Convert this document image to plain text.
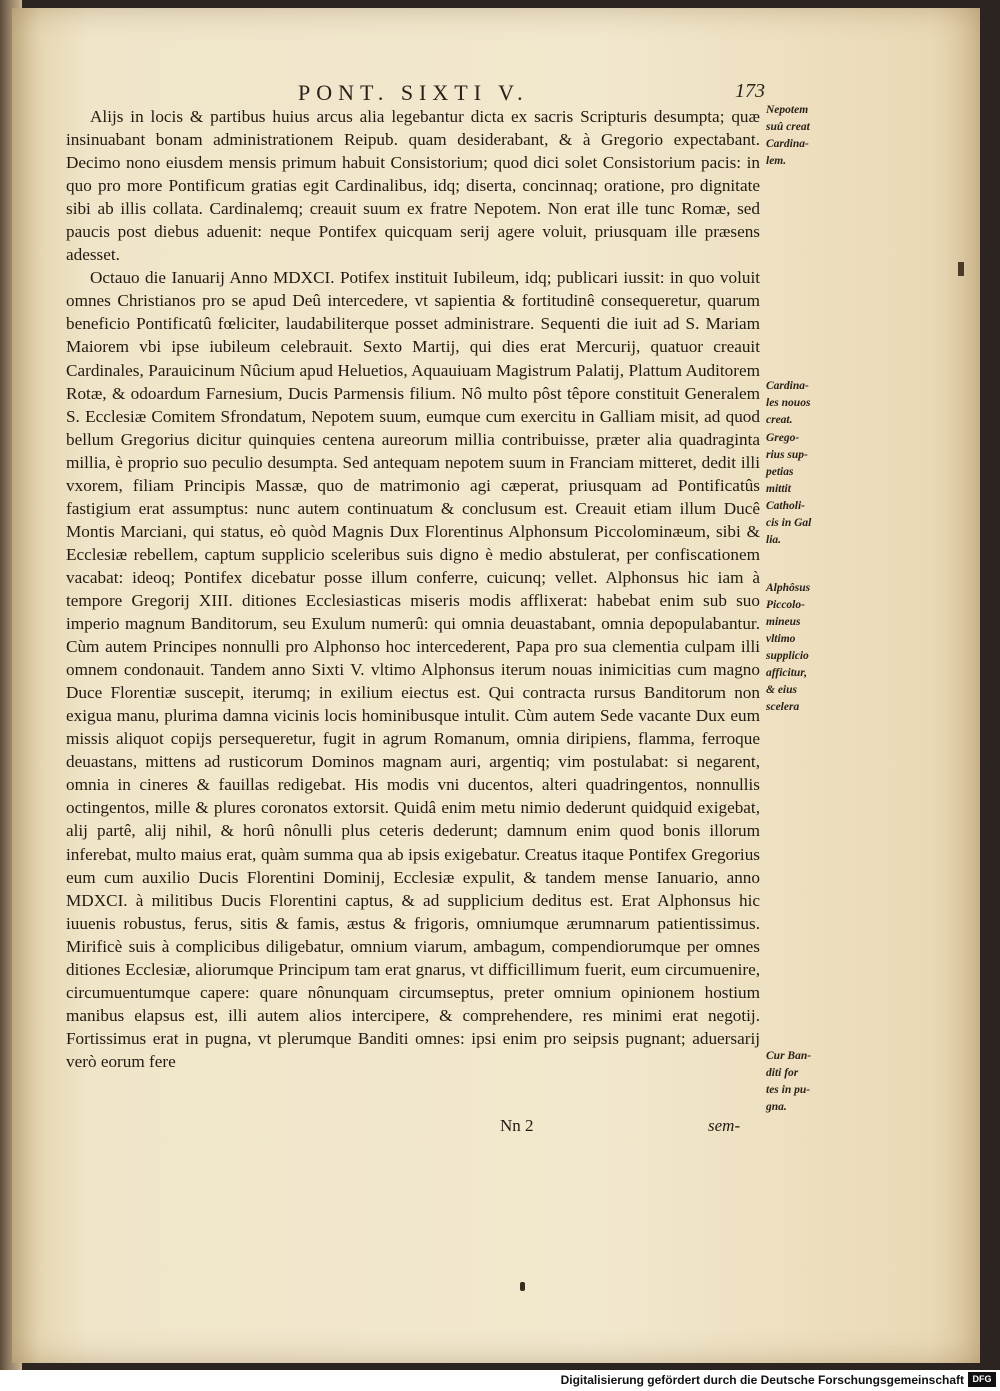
PONT. SIXTI V.	173

Alijs in locis & partibus huius arcus alia legebantur dicta ex sacris Scripturis desumpta; quæ insinuabant bonam administrationem Reipub. quam desiderabant, & à Gregorio expectabant. Decimo nono eiusdem mensis primum habuit Consistorium; quod dici solet Consistorium pacis: in quo pro more Pontificum gratias egit Cardinalibus, idq; diserta, concinnaq; oratione, pro dignitate sibi ab illis collata. Cardinalemq; creauit suum ex fratre Nepotem. Non erat ille tunc Romæ, sed paucis post diebus aduenit: neque Pontifex quicquam serij agere voluit, priusquam ille præsens adesset.

Octauo die Ianuarij Anno MDXCI. Potifex instituit Iubileum, idq; publicari iussit: in quo voluit omnes Christianos pro se apud Deû intercedere, vt sapientia & fortitudinê consequeretur, quarum beneficio Pontificatû fœliciter, laudabiliterque posset administrare. Sequenti die iuit ad S. Mariam Maiorem vbi ipse iubileum celebrauit. Sexto Martij, qui dies erat Mercurij, quatuor creauit Cardinales, Parauicinum Nûcium apud Heluetios, Aquauiuam Magistrum Palatij, Plattum Auditorem Rotæ, & odoardum Farnesium, Ducis Parmensis filium. Nô multo pôst têpore constituit Generalem S. Ecclesiæ Comitem Sfrondatum, Nepotem suum, eumque cum exercitu in Galliam misit, ad quod bellum Gregorius dicitur quinquies centena aureorum millia contribuisse, præter alia quadraginta millia, è proprio suo peculio desumpta. Sed antequam nepotem suum in Franciam mitteret, dedit illi vxorem, filiam Principis Massæ, quo de matrimonio agi cæperat, priusquam ad Pontificatûs fastigium erat assumptus: nunc autem continuatum & conclusum est. Creauit etiam illum Ducê Montis Marciani, qui status, eò quòd Magnis Dux Florentinus Alphonsum Piccolominæum, sibi & Ecclesiæ rebellem, captum supplicio sceleribus suis digno è medio abstulerat, per confiscationem vacabat: ideoq; Pontifex dicebatur posse illum conferre, cuicunq; vellet. Alphonsus hic iam à tempore Gregorij XIII. ditiones Ecclesiasticas miseris modis afflixerat: habebat enim sub suo imperio magnum Banditorum, seu Exulum numerû: qui omnia deuastabant, omnia depopulabantur. Cùm autem Principes nonnulli pro Alphonso hoc intercederent, Papa pro sua clementia culpam illi omnem condonauit. Tandem anno Sixti V. vltimo Alphonsus iterum nouas inimicitias cum magno Duce Florentiæ suscepit, iterumq; in exilium eiectus est. Qui contracta rursus Banditorum non exigua manu, plurima damna vicinis locis hominibusque intulit. Cùm autem Sede vacante Dux eum missis aliquot copijs persequeretur, fugit in agrum Romanum, omnia diripiens, flamma, ferroque deuastans, mittens ad rusticorum Dominos magnam auri, argentiq; vim postulabat: si negarent, omnia in cineres & fauillas redigebat. His modis vni ducentos, alteri quadringentos, nonnullis octingentos, mille & plures coronatos extorsit. Quidâ enim metu nimio dederunt quidquid exigebat, alij partê, alij nihil, & horû nônulli plus ceteris dederunt; damnum enim quod bonis illorum inferebat, multo maius erat, quàm summa qua ab ipsis exigebatur. Creatus itaque Pontifex Gregorius eum cum auxilio Ducis Florentini Dominij, Ecclesiæ expulit, & tandem mense Ianuario, anno MDXCI. à militibus Ducis Florentini captus, & ad supplicium deditus est. Erat Alphonsus hic iuuenis robustus, ferus, sitis & famis, æstus & frigoris, omniumque ærumnarum patientissimus. Mirificè suis à complicibus diligebatur, omnium viarum, ambagum, compendiorumque per omnes ditiones Ecclesiæ, aliorumque Principum tam erat gnarus, vt difficillimum fuerit, eum circumuenire, circumuentumque capere: quare nônunquam circumseptus, preter omnium opinionem hostium manibus elapsus est, illi autem alios intercipere, & comprehendere, res minimi erat negotij. Fortissimus erat in pugna, vt plerumque Banditi omnes: ipsi enim pro seipsis pugnant; aduersarij verò eorum fere

Nepotem
suû creat
Cardina-
lem.
Cardina-
les nouos
creat.
Grego-
rius sup-
petias
mittit
Catholi-
cis in Gal
lia.
Alphôsus
Piccolo-
mineus
vltimo
supplicio
afficitur,
& eius
scelera
Cur Ban-
diti for
tes in pu-
gna.
Nn 2	sem-
Digitalisierung gefördert durch die Deutsche Forschungsgemeinschaft DFG
